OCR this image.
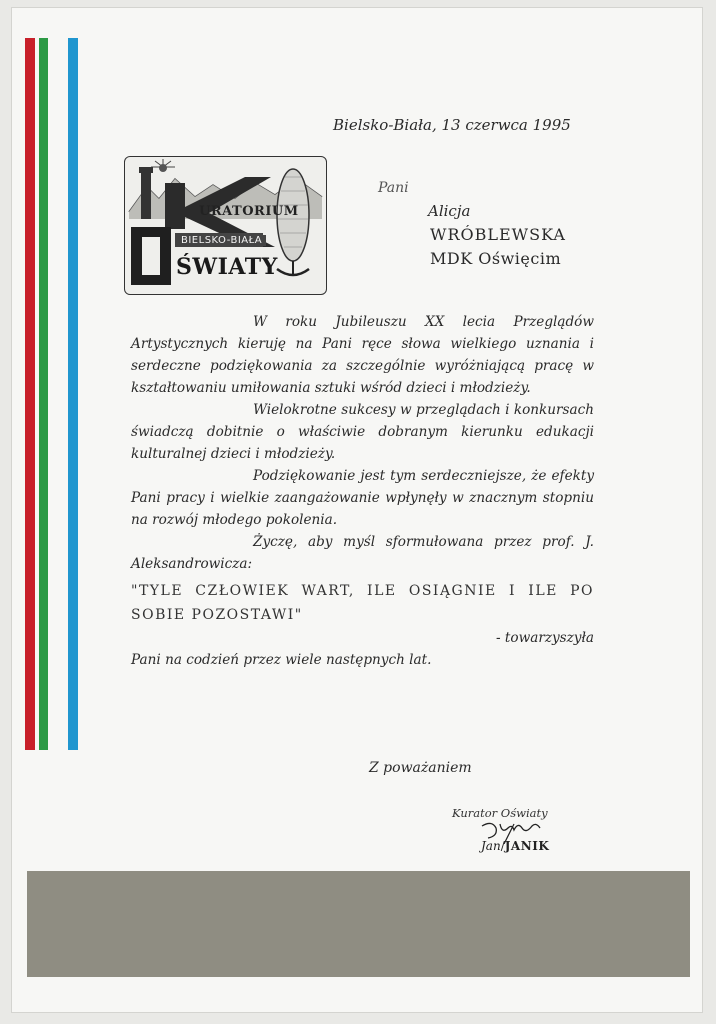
Bielsko-Biała, 13 czerwca 1995
URATORIUM
BIELSKO-BIAŁA
ŚWIATY
Pani
Alicja
WRÓBLEWSKA
MDK Oświęcim

W roku Jubileuszu XX lecia Przeglądów Artystycznych kieruję na Pani ręce słowa wielkiego uznania i serdeczne podziękowania za szczególnie wyróżniającą pracę w kształtowaniu umiłowania sztuki wśród dzieci i młodzieży.

Wielokrotne sukcesy w przeglądach i konkursach świadczą dobitnie o właściwie dobranym kierunku edukacji kulturalnej dzieci i młodzieży.

Podziękowanie jest tym serdeczniejsze, że efekty Pani pracy i wielkie zaangażowanie wpłynęły w znacznym stopniu na rozwój młodego pokolenia.

Życzę, aby myśl sformułowana przez prof. J. Aleksandrowicza:

"TYLE CZŁOWIEK WART, ILE OSIĄGNIE I ILE PO SOBIE POZOSTAWI"

- towarzyszyła

Pani na codzień przez wiele następnych lat.

Z poważaniem
Kurator Oświaty
Jan/JANIK
